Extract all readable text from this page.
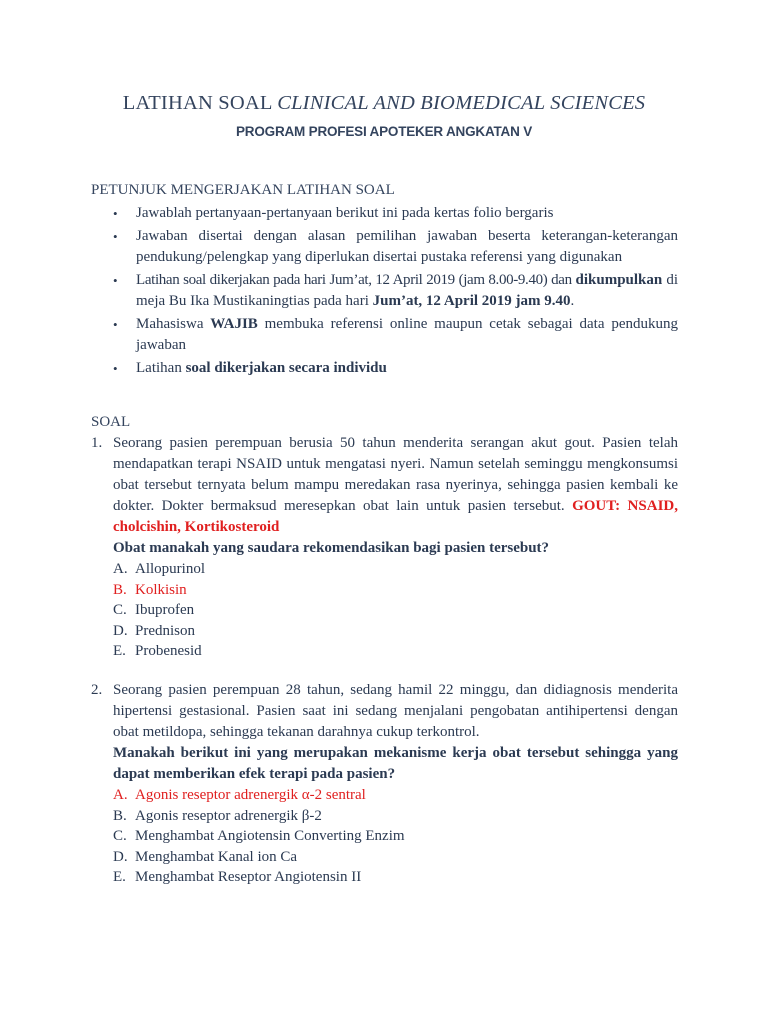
LATIHAN SOAL CLINICAL AND BIOMEDICAL SCIENCES
PROGRAM PROFESI APOTEKER ANGKATAN V
PETUNJUK MENGERJAKAN LATIHAN SOAL
• Jawablah pertanyaan-pertanyaan berikut ini pada kertas folio bergaris
• Jawaban disertai dengan alasan pemilihan jawaban beserta keterangan-keterangan pendukung/pelengkap yang diperlukan disertai pustaka referensi yang digunakan
• Latihan soal dikerjakan pada hari Jum’at, 12 April 2019 (jam 8.00-9.40) dan dikumpulkan di meja Bu Ika Mustikaningtias pada hari Jum’at, 12 April 2019 jam 9.40.
• Mahasiswa WAJIB membuka referensi online maupun cetak sebagai data pendukung jawaban
• Latihan soal dikerjakan secara individu
SOAL
1. Seorang pasien perempuan berusia 50 tahun menderita serangan akut gout. Pasien telah mendapatkan terapi NSAID untuk mengatasi nyeri. Namun setelah seminggu mengkonsumsi obat tersebut ternyata belum mampu meredakan rasa nyerinya, sehingga pasien kembali ke dokter. Dokter bermaksud meresepkan obat lain untuk pasien tersebut. GOUT: NSAID, cholcishin, Kortikosteroid
Obat manakah yang saudara rekomendasikan bagi pasien tersebut?
A. Allopurinol
B. Kolkisin
C. Ibuprofen
D. Prednison
E. Probenesid
2. Seorang pasien perempuan 28 tahun, sedang hamil 22 minggu, dan didiagnosis menderita hipertensi gestasional. Pasien saat ini sedang menjalani pengobatan antihipertensi dengan obat metildopa, sehingga tekanan darahnya cukup terkontrol.
Manakah berikut ini yang merupakan mekanisme kerja obat tersebut sehingga yang dapat memberikan efek terapi pada pasien?
A. Agonis reseptor adrenergik α-2 sentral
B. Agonis reseptor adrenergik β-2
C. Menghambat Angiotensin Converting Enzim
D. Menghambat Kanal ion Ca
E. Menghambat Reseptor Angiotensin II
